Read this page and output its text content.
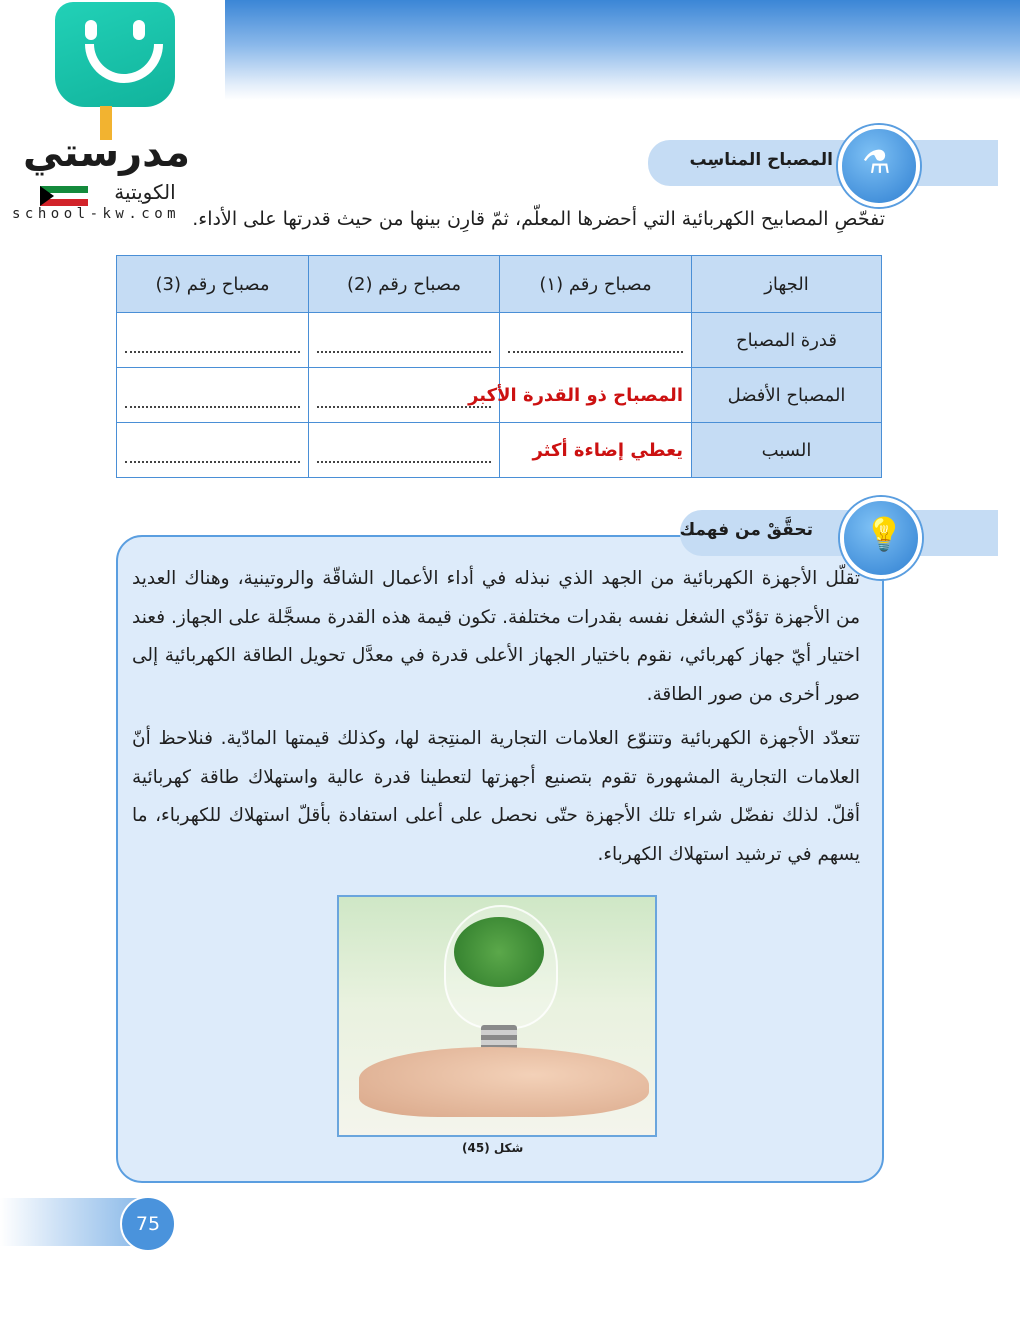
مدرستي
الكويتية
school-kw.com
المصباح المناسِب ⚗
تفحّصِ المصابيح الكهربائية التي أحضرها المعلّم، ثمّ قارِن بينها من حيث قدرتها على الأداء.
الجهاز	مصباح رقم (١)	مصباح رقم (2)	مصباح رقم (3)
قدرة المصباح	

المصباح الأفضل	المصباح ذو القدرة الأكبر		

السبب	يعطي إضاءة أكثر		

تحقَّقْ من فهمك 💡
تقلّل الأجهزة الكهربائية من الجهد الذي نبذله في أداء الأعمال الشاقّة والروتينية، وهناك العديد من الأجهزة تؤدّي الشغل نفسه بقدرات مختلفة. تكون قيمة هذه القدرة مسجَّلة على الجهاز. فعند اختيار أيّ جهاز كهربائي، نقوم باختيار الجهاز الأعلى قدرة في معدَّل تحويل الطاقة الكهربائية إلى صور أخرى من صور الطاقة.
تتعدّد الأجهزة الكهربائية وتتنوّع العلامات التجارية المنتِجة لها، وكذلك قيمتها المادّية. فنلاحظ أنّ العلامات التجارية المشهورة تقوم بتصنيع أجهزتها لتعطينا قدرة عالية واستهلاك طاقة كهربائية أقلّ. لذلك نفضّل شراء تلك الأجهزة حتّى نحصل على أعلى استفادة بأقلّ استهلاك للكهرباء، ما يسهم في ترشيد استهلاك الكهرباء.
شكل (45)
75
